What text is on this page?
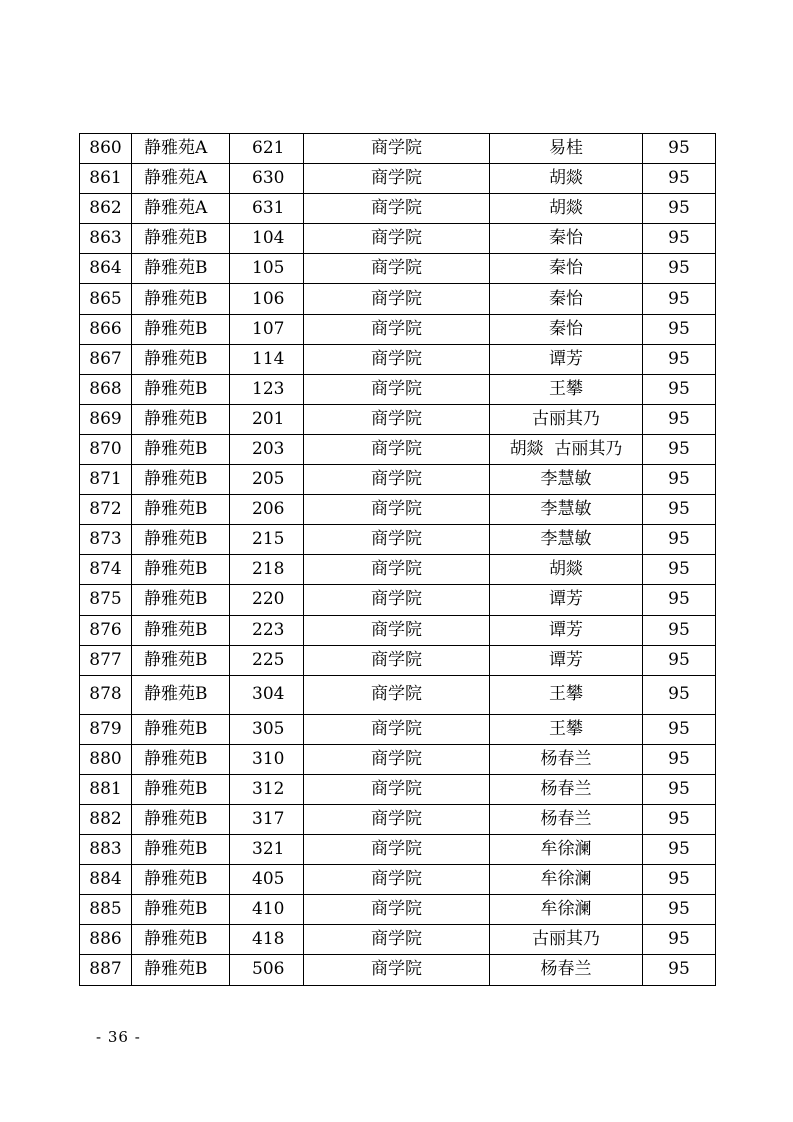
860	静雅苑A	621	商学院	易桂	95
861	静雅苑A	630	商学院	胡燚	95
862	静雅苑A	631	商学院	胡燚	95
863	静雅苑B	104	商学院	秦怡	95
864	静雅苑B	105	商学院	秦怡	95
865	静雅苑B	106	商学院	秦怡	95
866	静雅苑B	107	商学院	秦怡	95
867	静雅苑B	114	商学院	谭芳	95
868	静雅苑B	123	商学院	王攀	95
869	静雅苑B	201	商学院	古丽其乃	95
870	静雅苑B	203	商学院	胡燚  古丽其乃	95
871	静雅苑B	205	商学院	李慧敏	95
872	静雅苑B	206	商学院	李慧敏	95
873	静雅苑B	215	商学院	李慧敏	95
874	静雅苑B	218	商学院	胡燚	95
875	静雅苑B	220	商学院	谭芳	95
876	静雅苑B	223	商学院	谭芳	95
877	静雅苑B	225	商学院	谭芳	95
878	静雅苑B	304	商学院	王攀	95
879	静雅苑B	305	商学院	王攀	95
880	静雅苑B	310	商学院	杨春兰	95
881	静雅苑B	312	商学院	杨春兰	95
882	静雅苑B	317	商学院	杨春兰	95
883	静雅苑B	321	商学院	牟徐澜	95
884	静雅苑B	405	商学院	牟徐澜	95
885	静雅苑B	410	商学院	牟徐澜	95
886	静雅苑B	418	商学院	古丽其乃	95
887	静雅苑B	506	商学院	杨春兰	95
- 36 -
